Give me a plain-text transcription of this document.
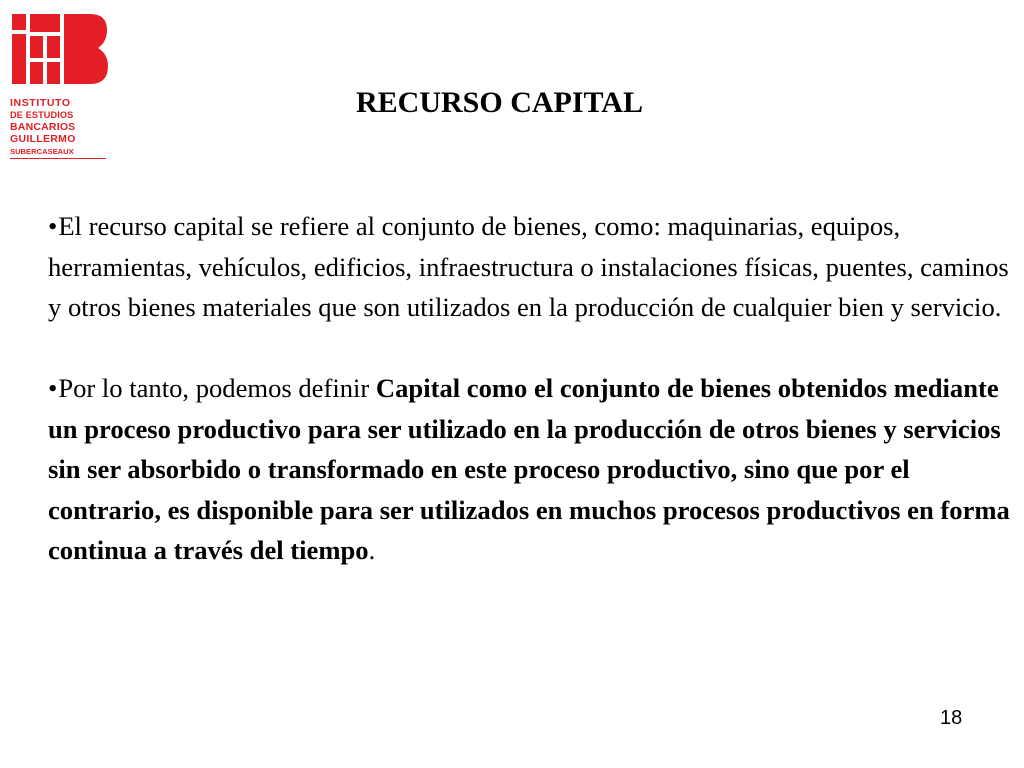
INSTITUTO
DE ESTUDIOS
BANCARIOS
GUILLERMO
SUBERCASEAUX
RECURSO CAPITAL

•El recurso capital se refiere al conjunto de bienes, como: maquinarias, equipos, herramientas, vehículos, edificios, infraestructura o instalaciones físicas, puentes, caminos y otros bienes materiales que son utilizados en la producción de cualquier bien y servicio.

•Por lo tanto, podemos definir Capital como el conjunto de bienes obtenidos mediante un proceso productivo para ser utilizado en la producción de otros bienes y servicios sin ser absorbido o transformado en este proceso productivo, sino que por el contrario, es disponible para ser utilizados en muchos procesos productivos en forma continua a través del tiempo.

18
